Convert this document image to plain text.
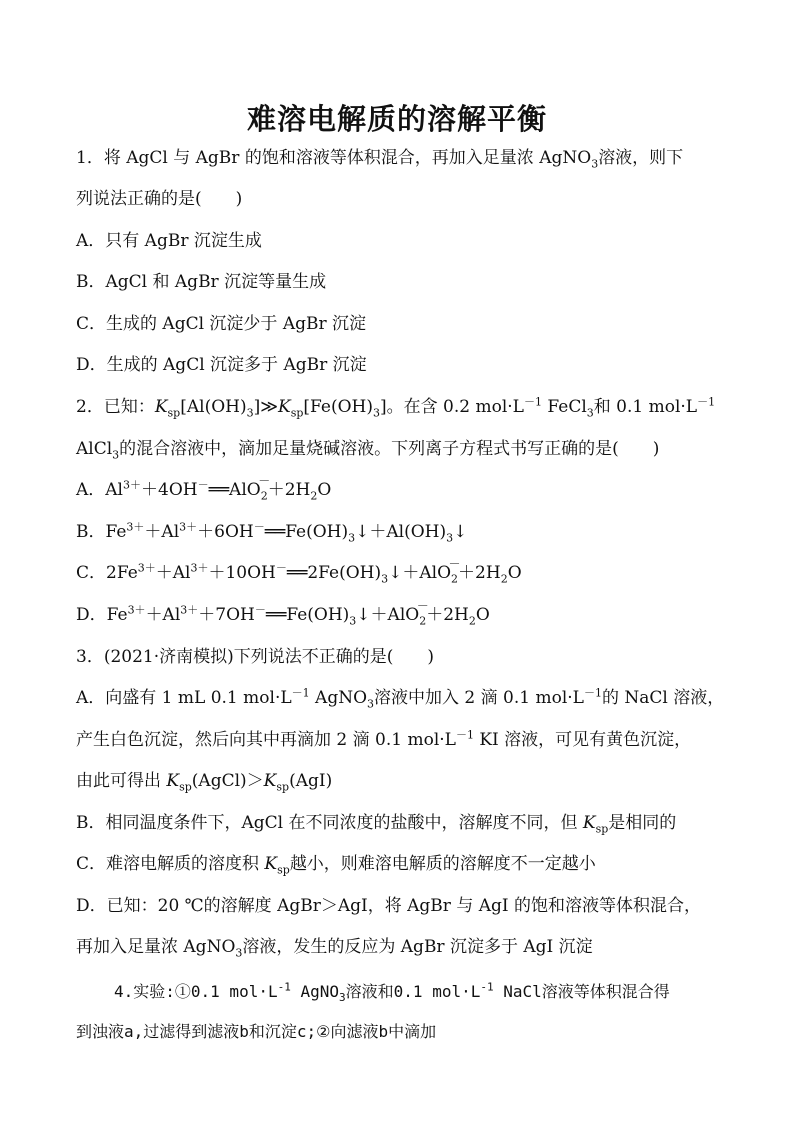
难溶电解质的溶解平衡
1．将 AgCl 与 AgBr 的饱和溶液等体积混合，再加入足量浓 AgNO$_3$溶液，则下
列说法正确的是(　　)
A．只有 AgBr 沉淀生成
B．AgCl 和 AgBr 沉淀等量生成
C．生成的 AgCl 沉淀少于 AgBr 沉淀
D．生成的 AgCl 沉淀多于 AgBr 沉淀
2．已知：$K_{sp}[Al(OH)_3]≫K_{sp}[Fe(OH)_3]$。在含 0.2 $mol\cdot L^{-1}$ FeCl$_3$和 0.1 $mol\cdot L^{-1}$
AlCl$_3$的混合溶液中，滴加足量烧碱溶液。下列离子方程式书写正确的是(　　)
A．$Al^{3+}+4OH^-══AlO$
－
$_2+2H_2O$
B．$Fe^{3+}+Al^{3+}+6OH^-══Fe(OH)_3↓+Al(OH)_3↓$
C．$2Fe^{3+}+Al^{3+}+10OH^-══2Fe(OH)_3↓+AlO$
－
$_2+2H_2O$
D．$Fe^{3+}+Al^{3+}+7OH^-══Fe(OH)_3↓+AlO$
－
$_2+2H_2O$
3．(2021·济南模拟)下列说法不正确的是(　　)
A．向盛有 1 mL 0.1 $mol\cdot L^{-1}$ AgNO$_3$溶液中加入 2 滴 0.1 $mol\cdot L^{-1}$的 NaCl 溶液，
产生白色沉淀，然后向其中再滴加 2 滴 0.1 $mol\cdot L^{-1}$ KI 溶液，可见有黄色沉淀，
由此可得出 $K_{sp}(AgCl)>K_{sp}(AgI)$
B．相同温度条件下，AgCl 在不同浓度的盐酸中，溶解度不同，但 $K_{sp}$是相同的
C．难溶电解质的溶度积 $K_{sp}$越小，则难溶电解质的溶解度不一定越小
D．已知：20 ℃的溶解度 AgBr＞AgI，将 AgBr 与 AgI 的饱和溶液等体积混合，
再加入足量浓 AgNO$_3$溶液，发生的反应为 AgBr 沉淀多于 AgI 沉淀
4.实验:①0.1 $mol\cdot L^{-1}$ AgNO$_3$溶液和0.1 $mol\cdot L^{-1}$ NaCl溶液等体积混合得
到浊液a,过滤得到滤液b和沉淀c;②向滤液b中滴加
